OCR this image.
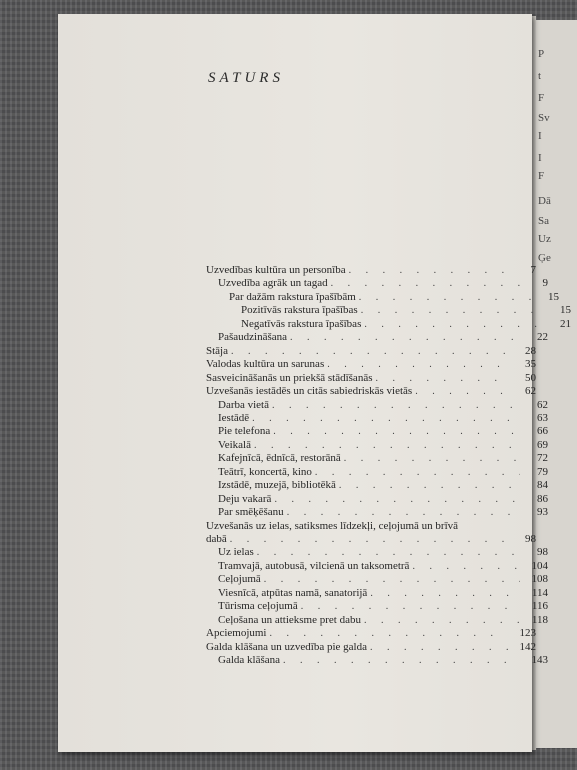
P
t
F
Sv
I
I
F
Dā
Sa
Uz
Ģe
SATURS
Uzvedības kultūra un personība . . .	7
Uzvedība agrāk un tagad . . .	9
Par dažām rakstura īpašībām . . .	15
Pozitīvās rakstura īpašības . . .	15
Negatīvās rakstura īpašības . . .	21
Pašaudzināšana . . .	22
Stāja . . .	28
Valodas kultūra un sarunas . . .	35
Sasveicināšanās un priekšā stādīšanās . . .	50
Uzvešanās iestādēs un citās sabiedriskās vietās . . .	62
Darba vietā . . .	62
Iestādē . . .	63
Pie telefona . . .	66
Veikalā . . .	69
Kafejnīcā, ēdnīcā, restorānā . . .	72
Teātrī, koncertā, kino . . .	79
Izstādē, muzejā, bibliotēkā . . .	84
Deju vakarā . . .	86
Par smēķēšanu . . .	93
Uzvešanās uz ielas, satiksmes līdzekļi, ceļojumā un brīvā
dabā . . .	98
Uz ielas . . .	98
Tramvajā, autobusā, vilcienā un taksometrā . . .	104
Ceļojumā . . .	108
Viesnīcā, atpūtas namā, sanatorijā . . .	114
Tūrisma ceļojumā . . .	116
Ceļošana un attieksme pret dabu . . .	118
Apciemojumi . . .	123
Galda klāšana un uzvedība pie galda . . .	142
Galda klāšana . . .	143
